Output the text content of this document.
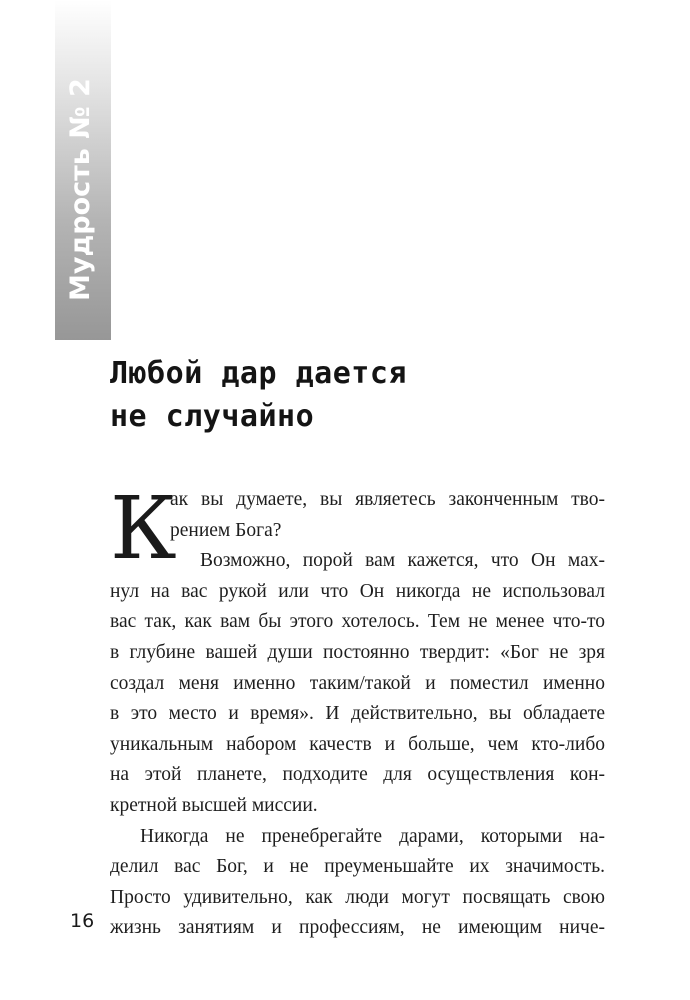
Мудрость № 2
Любой дар дается
не случайно
К
ак вы думаете, вы являетесь законченным тво-
рением Бога?
Возможно, порой вам кажется, что Он мах-
нул на вас рукой или что Он никогда не использовал
вас так, как вам бы этого хотелось. Тем не менее что-то
в глубине вашей души постоянно твердит: «Бог не зря
создал меня именно таким/такой и поместил именно
в это место и время». И действительно, вы обладаете
уникальным набором качеств и больше, чем кто-либо
на этой планете, подходите для осуществления кон-
кретной высшей миссии.
Никогда не пренебрегайте дарами, которыми на-
делил вас Бог, и не преуменьшайте их значимость.
Просто удивительно, как люди могут посвящать свою
жизнь занятиям и профессиям, не имеющим ниче-
16
